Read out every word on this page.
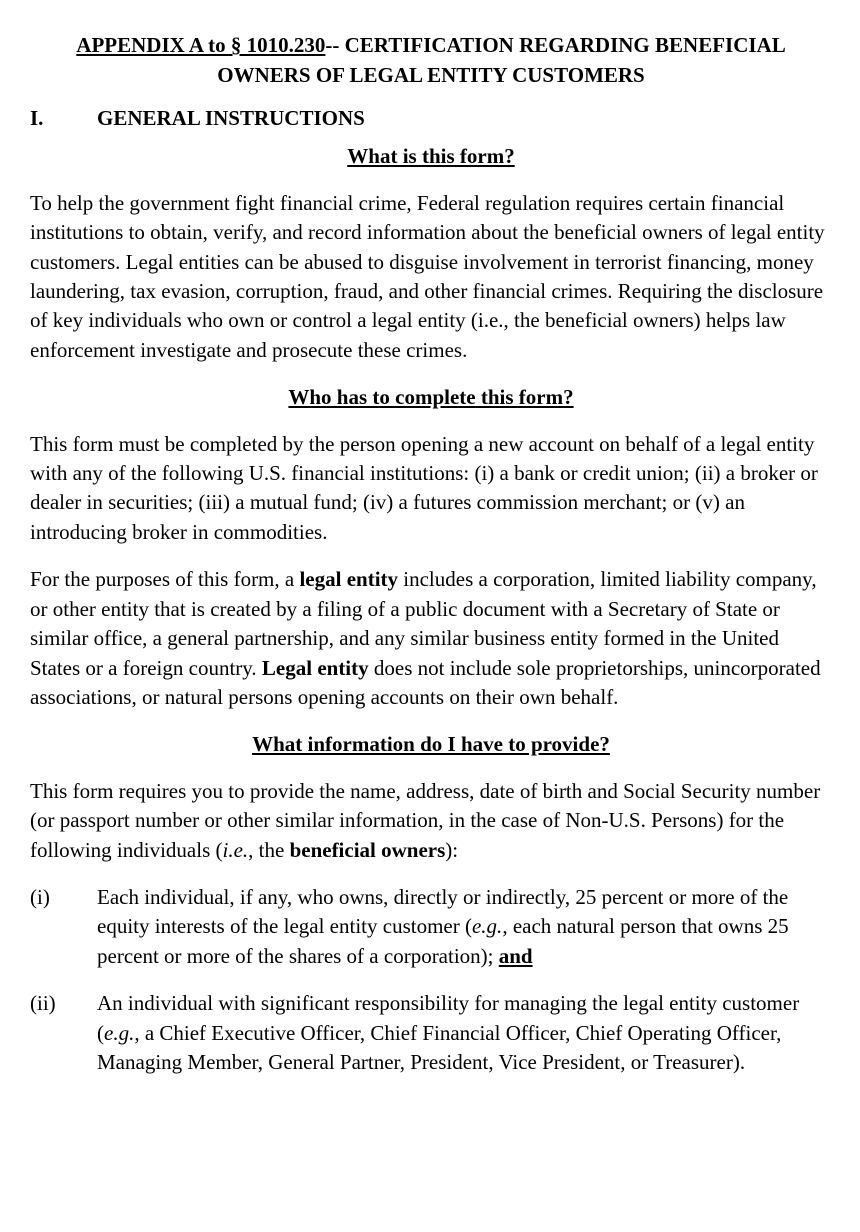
APPENDIX A to § 1010.230-- CERTIFICATION REGARDING BENEFICIAL
OWNERS OF LEGAL ENTITY CUSTOMERS
I.	GENERAL INSTRUCTIONS
What is this form?

To help the government fight financial crime, Federal regulation requires certain financial institutions to obtain, verify, and record information about the beneficial owners of legal entity customers. Legal entities can be abused to disguise involvement in terrorist financing, money laundering, tax evasion, corruption, fraud, and other financial crimes. Requiring the disclosure of key individuals who own or control a legal entity (i.e., the beneficial owners) helps law enforcement investigate and prosecute these crimes.

Who has to complete this form?

This form must be completed by the person opening a new account on behalf of a legal entity with any of the following U.S. financial institutions: (i) a bank or credit union; (ii) a broker or dealer in securities; (iii) a mutual fund; (iv) a futures commission merchant; or (v) an introducing broker in commodities.

For the purposes of this form, a legal entity includes a corporation, limited liability company, or other entity that is created by a filing of a public document with a Secretary of State or similar office, a general partnership, and any similar business entity formed in the United States or a foreign country. Legal entity does not include sole proprietorships, unincorporated associations, or natural persons opening accounts on their own behalf.

What information do I have to provide?

This form requires you to provide the name, address, date of birth and Social Security number (or passport number or other similar information, in the case of Non-U.S. Persons) for the following individuals (i.e., the beneficial owners):

(i)	Each individual, if any, who owns, directly or indirectly, 25 percent or more of the equity interests of the legal entity customer (e.g., each natural person that owns 25 percent or more of the shares of a corporation); and
(ii)	An individual with significant responsibility for managing the legal entity customer (e.g., a Chief Executive Officer, Chief Financial Officer, Chief Operating Officer, Managing Member, General Partner, President, Vice President, or Treasurer).
